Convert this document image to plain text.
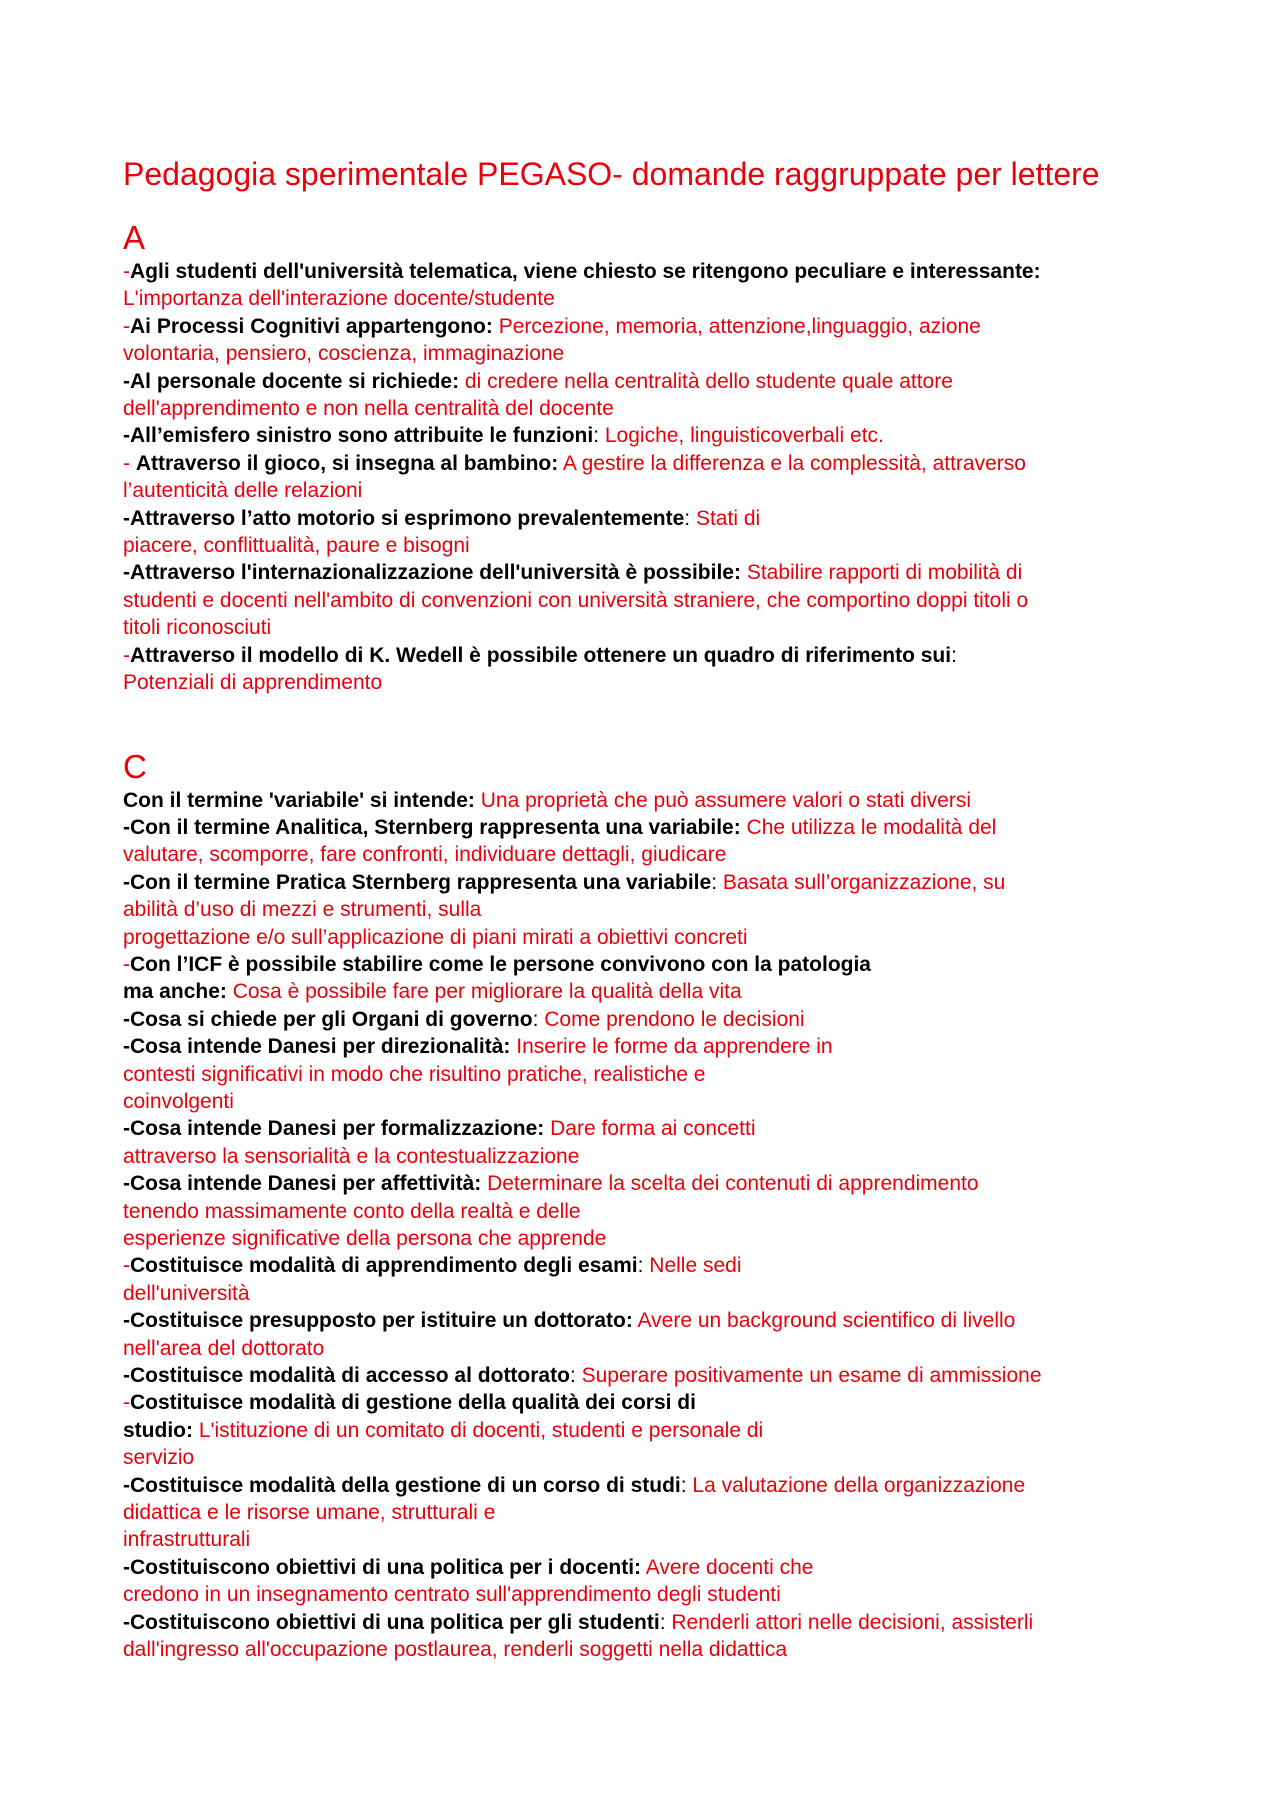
Pedagogia sperimentale PEGASO- domande raggruppate per lettere
A
-Agli studenti dell'università telematica, viene chiesto se ritengono peculiare e interessante:
L'importanza dell'interazione docente/studente
-Ai Processi Cognitivi appartengono: Percezione, memoria, attenzione,linguaggio, azione
volontaria, pensiero, coscienza, immaginazione
-Al personale docente si richiede: di credere nella centralità dello studente quale attore
dell'apprendimento e non nella centralità del docente
-All’emisfero sinistro sono attribuite le funzioni: Logiche, linguisticoverbali etc.
- Attraverso il gioco, si insegna al bambino: A gestire la differenza e la complessità, attraverso
l’autenticità delle relazioni
-Attraverso l’atto motorio si esprimono prevalentemente: Stati di
piacere, conflittualità, paure e bisogni
-Attraverso l'internazionalizzazione dell'università è possibile: Stabilire rapporti di mobilità di
studenti e docenti nell'ambito di convenzioni con università straniere, che comportino doppi titoli o
titoli riconosciuti
-Attraverso il modello di K. Wedell è possibile ottenere un quadro di riferimento sui:
Potenziali di apprendimento
C
Con il termine 'variabile' si intende: Una proprietà che può assumere valori o stati diversi
-Con il termine Analitica, Sternberg rappresenta una variabile: Che utilizza le modalità del
valutare, scomporre, fare confronti, individuare dettagli, giudicare
-Con il termine Pratica Sternberg rappresenta una variabile: Basata sull’organizzazione, su
abilità d’uso di mezzi e strumenti, sulla
progettazione e/o sull’applicazione di piani mirati a obiettivi concreti
-Con l’ICF è possibile stabilire come le persone convivono con la patologia
ma anche: Cosa è possibile fare per migliorare la qualità della vita
-Cosa si chiede per gli Organi di governo: Come prendono le decisioni
-Cosa intende Danesi per direzionalità: Inserire le forme da apprendere in
contesti significativi in modo che risultino pratiche, realistiche e
coinvolgenti
-Cosa intende Danesi per formalizzazione: Dare forma ai concetti
attraverso la sensorialità e la contestualizzazione
-Cosa intende Danesi per affettività: Determinare la scelta dei contenuti di apprendimento
tenendo massimamente conto della realtà e delle
esperienze significative della persona che apprende
-Costituisce modalità di apprendimento degli esami: Nelle sedi
dell'università
-Costituisce presupposto per istituire un dottorato: Avere un background scientifico di livello
nell'area del dottorato
-Costituisce modalità di accesso al dottorato: Superare positivamente un esame di ammissione
-Costituisce modalità di gestione della qualità dei corsi di
studio: L'istituzione di un comitato di docenti, studenti e personale di
servizio
-Costituisce modalità della gestione di un corso di studi: La valutazione della organizzazione
didattica e le risorse umane, strutturali e
infrastrutturali
-Costituiscono obiettivi di una politica per i docenti: Avere docenti che
credono in un insegnamento centrato sull'apprendimento degli studenti
-Costituiscono obiettivi di una politica per gli studenti: Renderli attori nelle decisioni, assisterli
dall'ingresso all'occupazione postlaurea, renderli soggetti nella didattica
